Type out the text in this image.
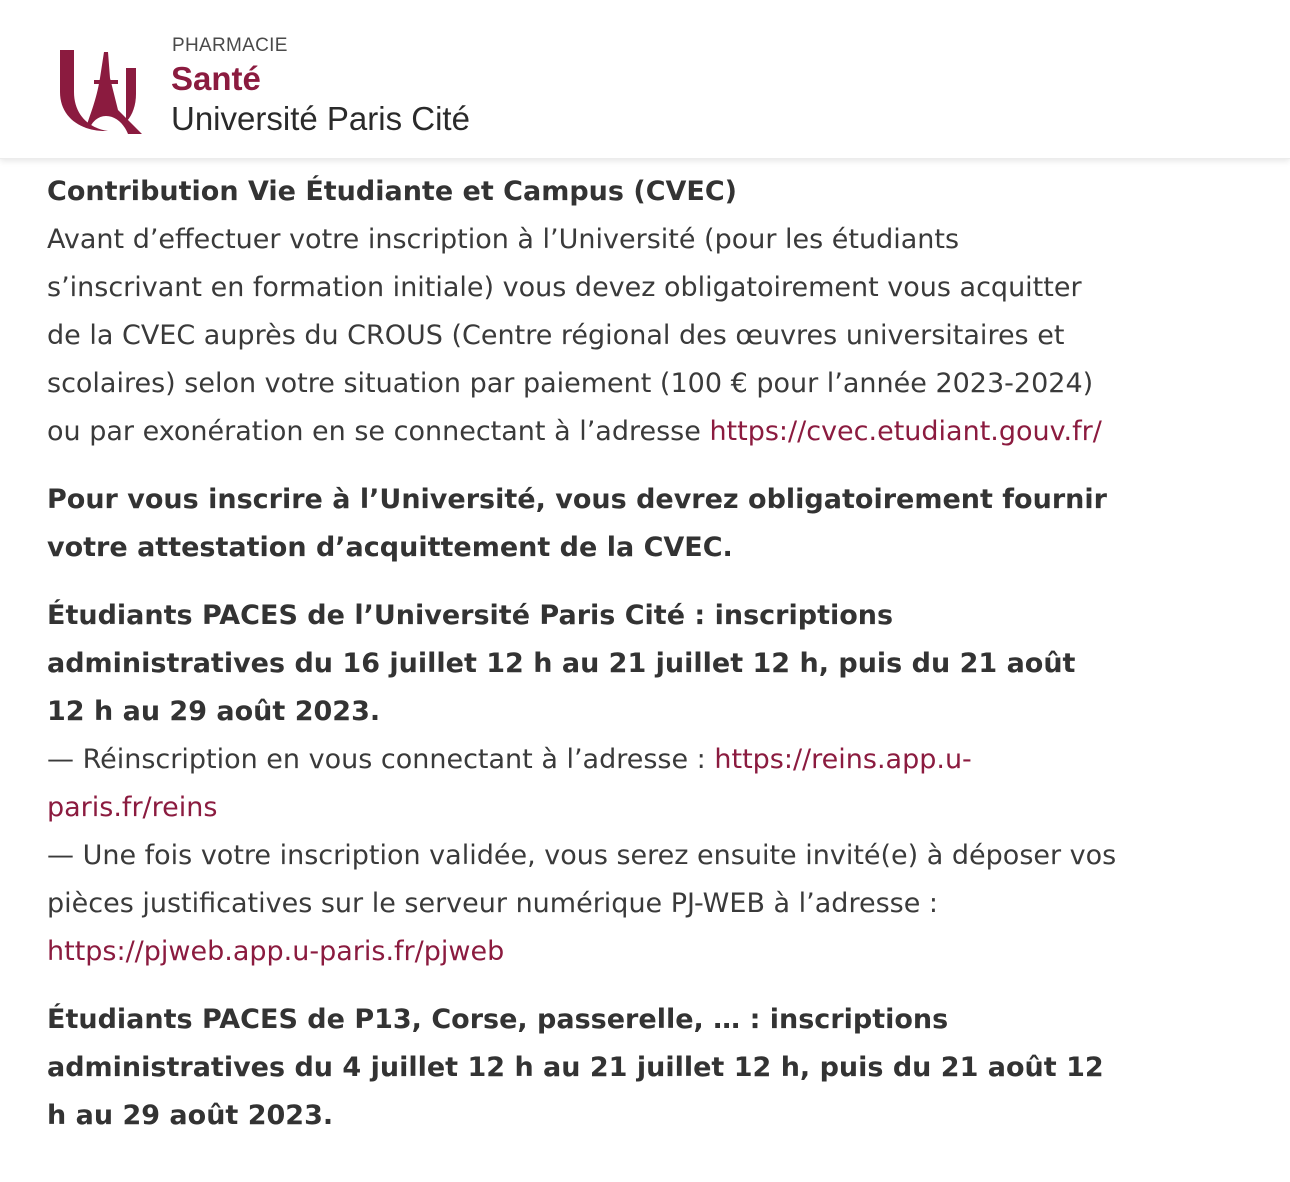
PHARMACIE
Santé
Université Paris Cité

Contribution Vie Étudiante et Campus (CVEC)
Avant d’effectuer votre inscription à l’Université (pour les étudiants s’inscrivant en formation initiale) vous devez obligatoirement vous acquitter de la CVEC auprès du CROUS (Centre régional des œuvres universitaires et scolaires) selon votre situation par paiement (100 € pour l’année 2023-2024) ou par exonération en se connectant à l’adresse https://cvec.etudiant.gouv.fr/

Pour vous inscrire à l’Université, vous devrez obligatoirement fournir votre attestation d’acquittement de la CVEC.

Étudiants PACES de l’Université Paris Cité : inscriptions administratives du 16 juillet 12 h au 21 juillet 12 h, puis du 21 août 12 h au 29 août 2023.
— Réinscription en vous connectant à l’adresse : https://reins.app.u-paris.fr/reins
— Une fois votre inscription validée, vous serez ensuite invité(e) à déposer vos pièces justificatives sur le serveur numérique PJ-WEB à l’adresse : https://pjweb.app.u-paris.fr/pjweb

Étudiants PACES de P13, Corse, passerelle, … : inscriptions administratives du 4 juillet 12 h au 21 juillet 12 h, puis du 21 août 12 h au 29 août 2023.
